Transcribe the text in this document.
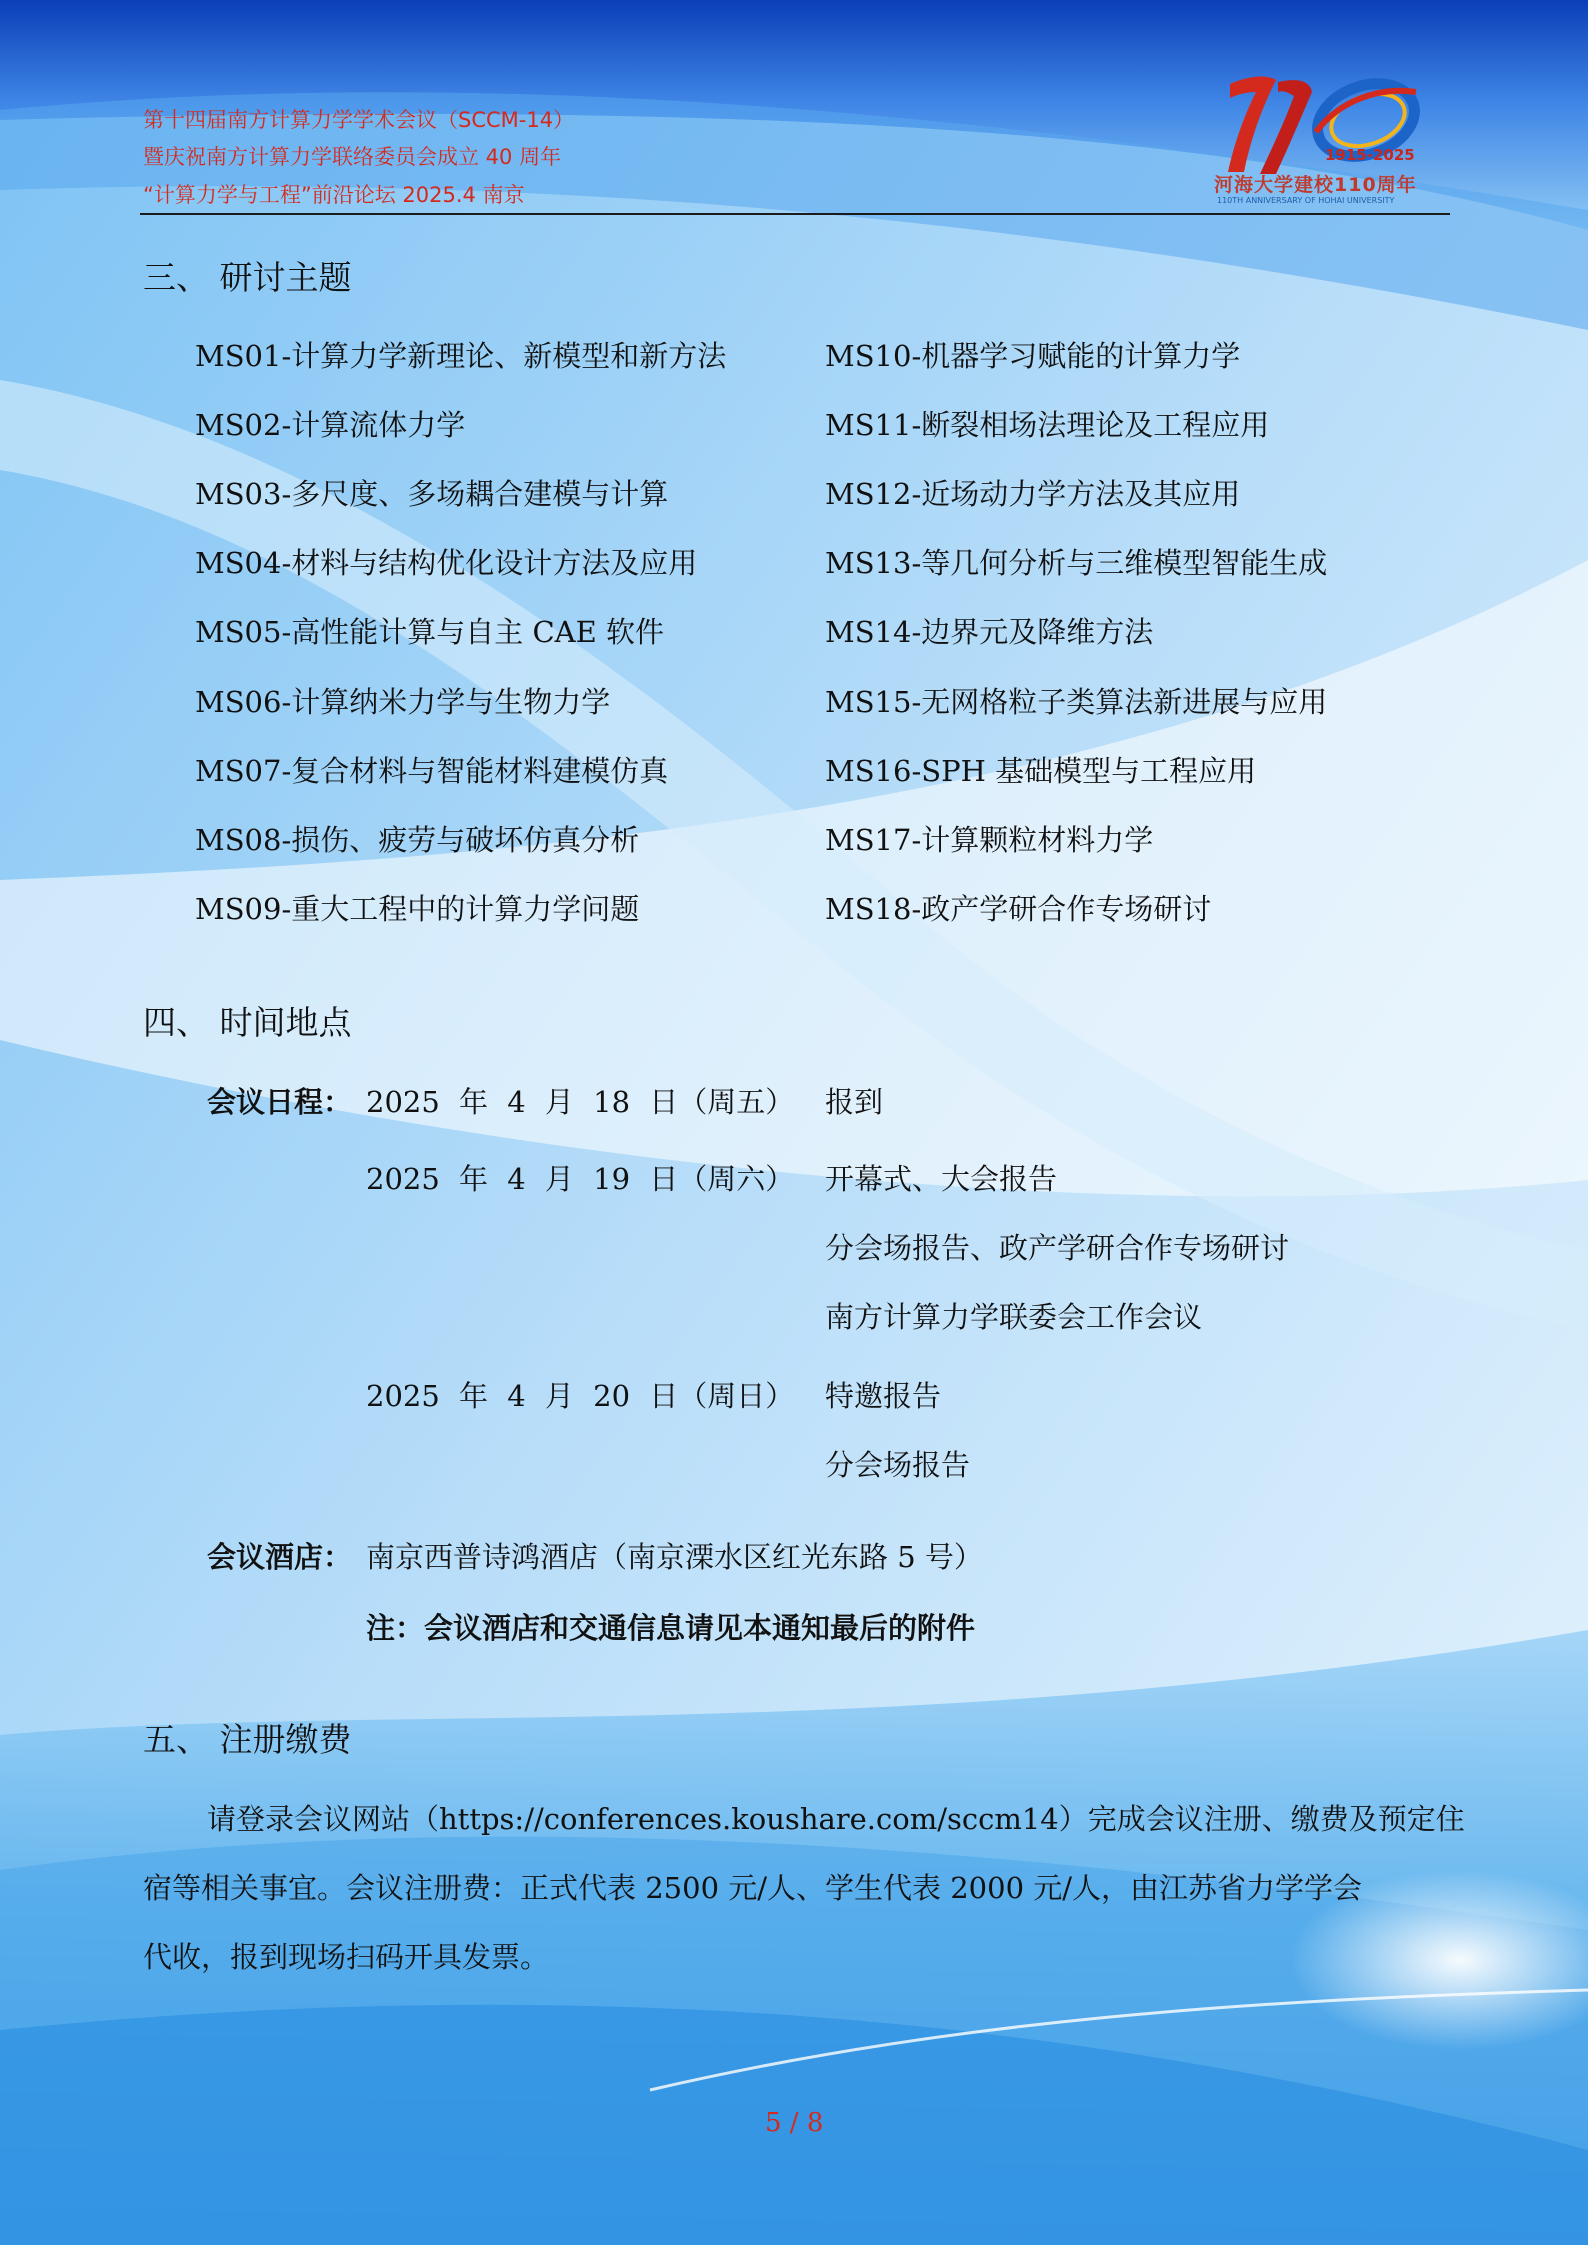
第十四届南方计算力学学术会议（SCCM-14）
暨庆祝南方计算力学联络委员会成立 40 周年
“计算力学与工程”前沿论坛 2025.4 南京
1915-2025
河海大学建校110周年
110TH ANNIVERSARY OF HOHAI UNIVERSITY
三、 研讨主题
MS01-计算力学新理论、新模型和新方法
MS02-计算流体力学
MS03-多尺度、多场耦合建模与计算
MS04-材料与结构优化设计方法及应用
MS05-高性能计算与自主 CAE 软件
MS06-计算纳米力学与生物力学
MS07-复合材料与智能材料建模仿真
MS08-损伤、疲劳与破坏仿真分析
MS09-重大工程中的计算力学问题
MS10-机器学习赋能的计算力学
MS11-断裂相场法理论及工程应用
MS12-近场动力学方法及其应用
MS13-等几何分析与三维模型智能生成
MS14-边界元及降维方法
MS15-无网格粒子类算法新进展与应用
MS16-SPH 基础模型与工程应用
MS17-计算颗粒材料力学
MS18-政产学研合作专场研讨
四、 时间地点
会议日程： 2025 年 4 月 18 日（周五） 报到
2025 年 4 月 19 日（周六） 开幕式、大会报告
分会场报告、政产学研合作专场研讨
南方计算力学联委会工作会议
2025 年 4 月 20 日（周日） 特邀报告
分会场报告
会议酒店： 南京西普诗鸿酒店（南京溧水区红光东路 5 号）
注：会议酒店和交通信息请见本通知最后的附件
五、 注册缴费
请登录会议网站（https://conferences.koushare.com/sccm14）完成会议注册、缴费及预定住
宿等相关事宜。会议注册费：正式代表 2500 元/人、学生代表 2000 元/人，由江苏省力学学会
代收，报到现场扫码开具发票。
5 / 8
